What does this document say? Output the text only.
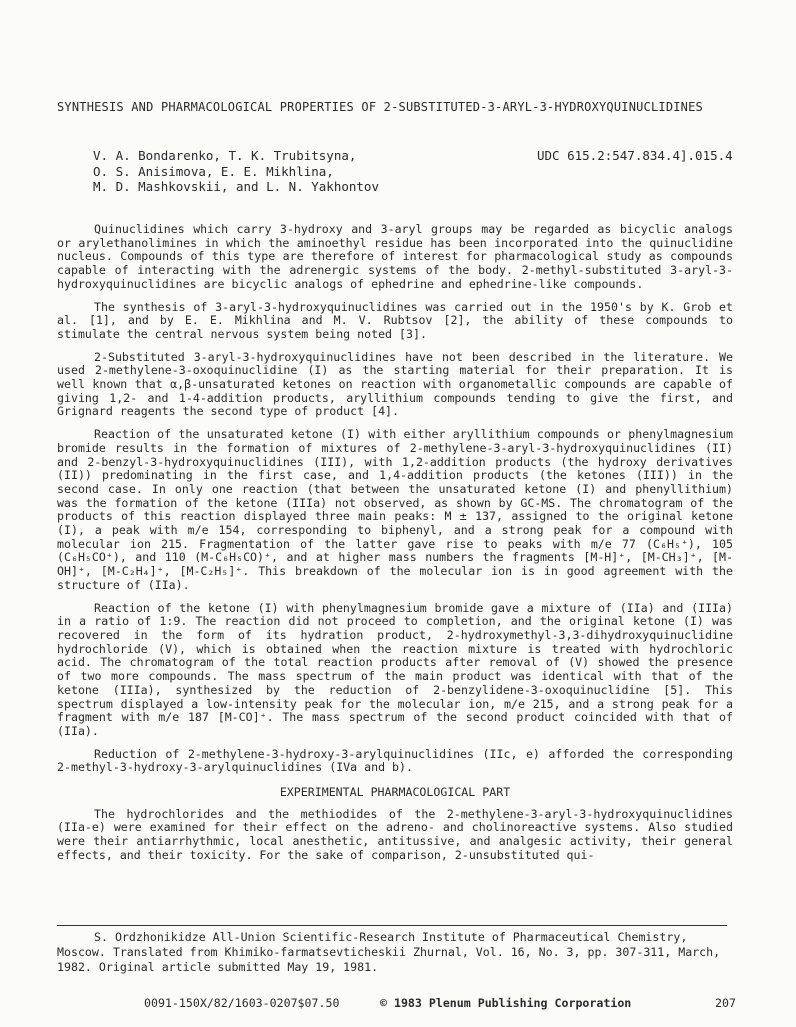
SYNTHESIS AND PHARMACOLOGICAL PROPERTIES OF 2-SUBSTITUTED-3-ARYL-3-HYDROXYQUINUCLIDINES
V. A. Bondarenko, T. K. Trubitsyna,
O. S. Anisimova, E. E. Mikhlina,
M. D. Mashkovskii, and L. N. Yakhontov
UDC 615.2:547.834.4].015.4

Quinuclidines which carry 3-hydroxy and 3-aryl groups may be regarded as bicyclic analogs or arylethanolimines in which the aminoethyl residue has been incorporated into the quinuclidine nucleus. Compounds of this type are therefore of interest for pharmacological study as compounds capable of interacting with the adrenergic systems of the body. 2-methyl-substituted 3-aryl-3-hydroxyquinuclidines are bicyclic analogs of ephedrine and ephedrine-like compounds.

The synthesis of 3-aryl-3-hydroxyquinuclidines was carried out in the 1950's by K. Grob et al. [1], and by E. E. Mikhlina and M. V. Rubtsov [2], the ability of these compounds to stimulate the central nervous system being noted [3].

2-Substituted 3-aryl-3-hydroxyquinuclidines have not been described in the literature. We used 2-methylene-3-oxoquinuclidine (I) as the starting material for their preparation. It is well known that α,β-unsaturated ketones on reaction with organometallic compounds are capable of giving 1,2- and 1-4-addition products, aryllithium compounds tending to give the first, and Grignard reagents the second type of product [4].

Reaction of the unsaturated ketone (I) with either aryllithium compounds or phenylmagnesium bromide results in the formation of mixtures of 2-methylene-3-aryl-3-hydroxyquinuclidines (II) and 2-benzyl-3-hydroxyquinuclidines (III), with 1,2-addition products (the hydroxy derivatives (II)) predominating in the first case, and 1,4-addition products (the ketones (III)) in the second case. In only one reaction (that between the unsaturated ketone (I) and phenyllithium) was the formation of the ketone (IIIa) not observed, as shown by GC-MS. The chromatogram of the products of this reaction displayed three main peaks: M ± 137, assigned to the original ketone (I), a peak with m/e 154, corresponding to biphenyl, and a strong peak for a compound with molecular ion 215. Fragmentation of the latter gave rise to peaks with m/e 77 (C₆H₅⁺), 105 (C₆H₅CO⁺), and 110 (M-C₆H₅CO)⁺, and at higher mass numbers the fragments [M-H]⁺, [M-CH₃]⁺, [M-OH]⁺, [M-C₂H₄]⁺, [M-C₂H₅]⁺. This breakdown of the molecular ion is in good agreement with the structure of (IIa).

Reaction of the ketone (I) with phenylmagnesium bromide gave a mixture of (IIa) and (IIIa) in a ratio of 1:9. The reaction did not proceed to completion, and the original ketone (I) was recovered in the form of its hydration product, 2-hydroxymethyl-3,3-dihydroxyquinuclidine hydrochloride (V), which is obtained when the reaction mixture is treated with hydrochloric acid. The chromatogram of the total reaction products after removal of (V) showed the presence of two more compounds. The mass spectrum of the main product was identical with that of the ketone (IIIa), synthesized by the reduction of 2-benzylidene-3-oxoquinuclidine [5]. This spectrum displayed a low-intensity peak for the molecular ion, m/e 215, and a strong peak for a fragment with m/e 187 [M-CO]⁺. The mass spectrum of the second product coincided with that of (IIa).

Reduction of 2-methylene-3-hydroxy-3-arylquinuclidines (IIc, e) afforded the corresponding 2-methyl-3-hydroxy-3-arylquinuclidines (IVa and b).

EXPERIMENTAL PHARMACOLOGICAL PART

The hydrochlorides and the methiodides of the 2-methylene-3-aryl-3-hydroxyquinuclidines (IIa-e) were examined for their effect on the adreno- and cholinoreactive systems. Also studied were their antiarrhythmic, local anesthetic, antitussive, and analgesic activity, their general effects, and their toxicity. For the sake of comparison, 2-unsubstituted qui-

S. Ordzhonikidze All-Union Scientific-Research Institute of Pharmaceutical Chemistry, Moscow. Translated from Khimiko-farmatsevticheskii Zhurnal, Vol. 16, No. 3, pp. 307-311, March, 1982. Original article submitted May 19, 1981.
0091-150X/82/1603-0207$07.50	© 1983 Plenum Publishing Corporation	207
